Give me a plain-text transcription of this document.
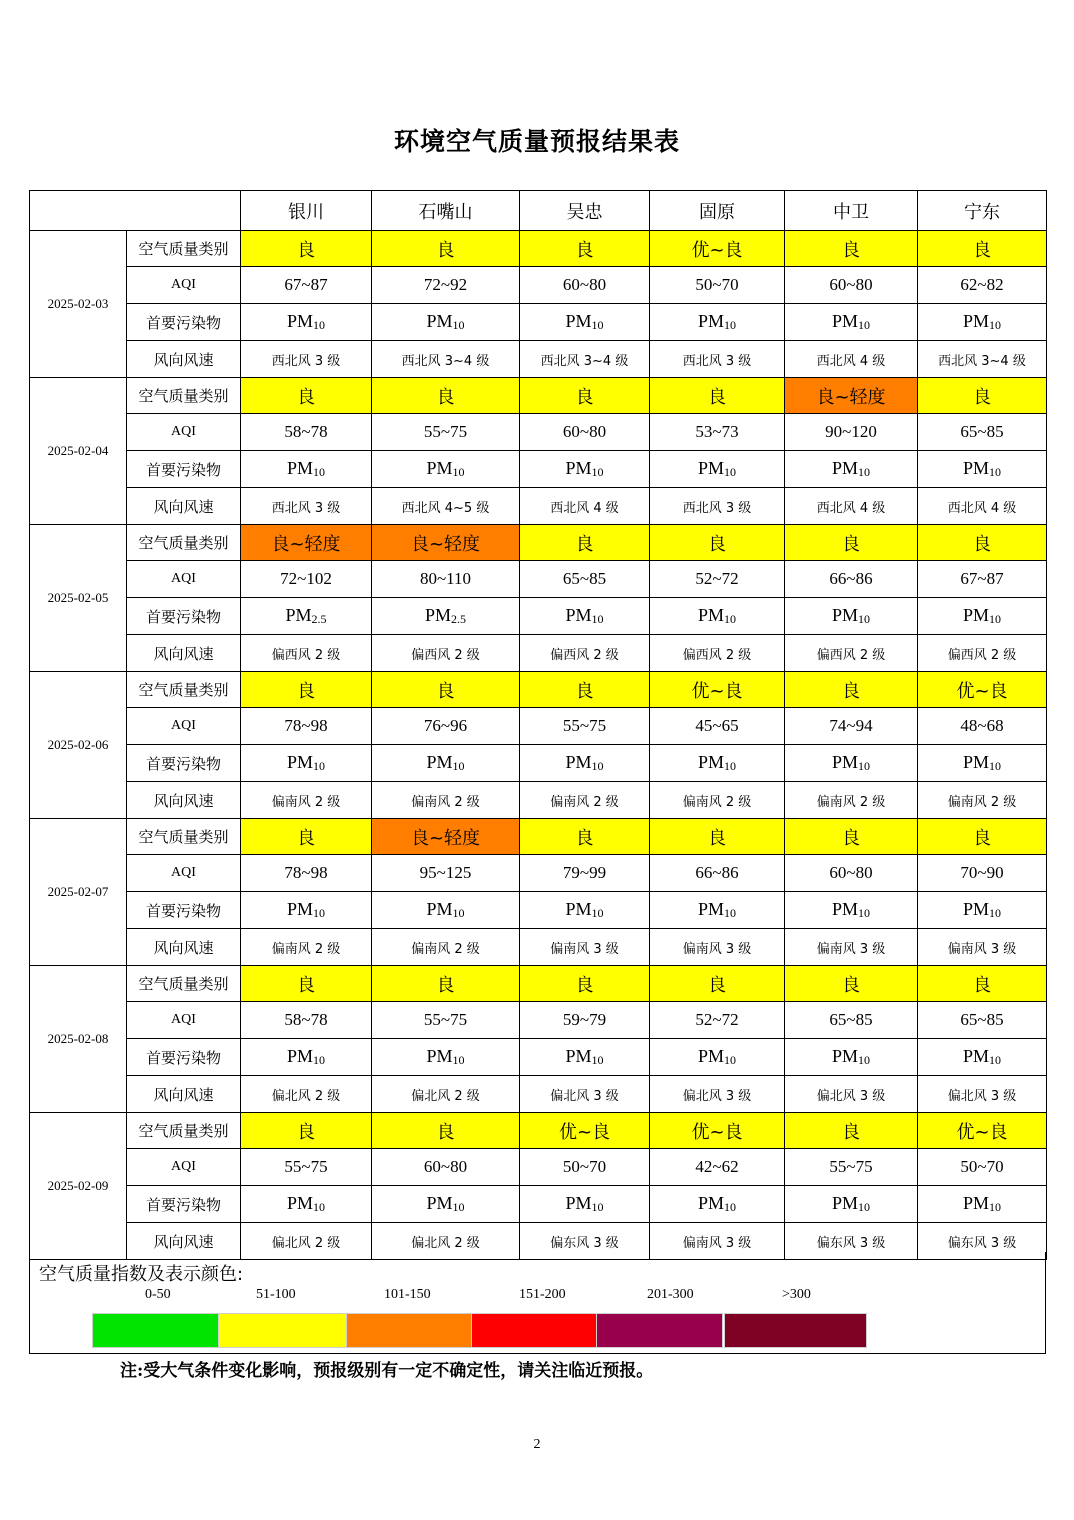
环境空气质量预报结果表
		银川	石嘴山	吴忠	固原	中卫	宁东
2025-02-03	空气质量类别	良	良	良	优~良	良	良
	AQI	67~87	72~92	60~80	50~70	60~80	62~82
	首要污染物	$PM_{10}$	$PM_{10}$	$PM_{10}$	$PM_{10}$	$PM_{10}$	$PM_{10}$
	风向风速	西北风 3 级	西北风 3~4 级	西北风 3~4 级	西北风 3 级	西北风 4 级	西北风 3~4 级
2025-02-04	空气质量类别	良	良	良	良	良~轻度	良
	AQI	58~78	55~75	60~80	53~73	90~120	65~85
	首要污染物	$PM_{10}$	$PM_{10}$	$PM_{10}$	$PM_{10}$	$PM_{10}$	$PM_{10}$
	风向风速	西北风 3 级	西北风 4~5 级	西北风 4 级	西北风 3 级	西北风 4 级	西北风 4 级
2025-02-05	空气质量类别	良~轻度	良~轻度	良	良	良	良
	AQI	72~102	80~110	65~85	52~72	66~86	67~87
	首要污染物	$PM_{2.5}$	$PM_{2.5}$	$PM_{10}$	$PM_{10}$	$PM_{10}$	$PM_{10}$
	风向风速	偏西风 2 级	偏西风 2 级	偏西风 2 级	偏西风 2 级	偏西风 2 级	偏西风 2 级
2025-02-06	空气质量类别	良	良	良	优~良	良	优~良
	AQI	78~98	76~96	55~75	45~65	74~94	48~68
	首要污染物	$PM_{10}$	$PM_{10}$	$PM_{10}$	$PM_{10}$	$PM_{10}$	$PM_{10}$
	风向风速	偏南风 2 级	偏南风 2 级	偏南风 2 级	偏南风 2 级	偏南风 2 级	偏南风 2 级
2025-02-07	空气质量类别	良	良~轻度	良	良	良	良
	AQI	78~98	95~125	79~99	66~86	60~80	70~90
	首要污染物	$PM_{10}$	$PM_{10}$	$PM_{10}$	$PM_{10}$	$PM_{10}$	$PM_{10}$
	风向风速	偏南风 2 级	偏南风 2 级	偏南风 3 级	偏南风 3 级	偏南风 3 级	偏南风 3 级
2025-02-08	空气质量类别	良	良	良	良	良	良
	AQI	58~78	55~75	59~79	52~72	65~85	65~85
	首要污染物	$PM_{10}$	$PM_{10}$	$PM_{10}$	$PM_{10}$	$PM_{10}$	$PM_{10}$
	风向风速	偏北风 2 级	偏北风 2 级	偏北风 3 级	偏北风 3 级	偏北风 3 级	偏北风 3 级
2025-02-09	空气质量类别	良	良	优~良	优~良	良	优~良
	AQI	55~75	60~80	50~70	42~62	55~75	50~70
	首要污染物	$PM_{10}$	$PM_{10}$	$PM_{10}$	$PM_{10}$	$PM_{10}$	$PM_{10}$
	风向风速	偏北风 2 级	偏北风 2 级	偏东风 3 级	偏南风 3 级	偏东风 3 级	偏东风 3 级
空气质量指数及表示颜色:
0-50	51-100	101-150	151-200	201-300	>300
注:受大气条件变化影响，预报级别有一定不确定性，请关注临近预报。
2
